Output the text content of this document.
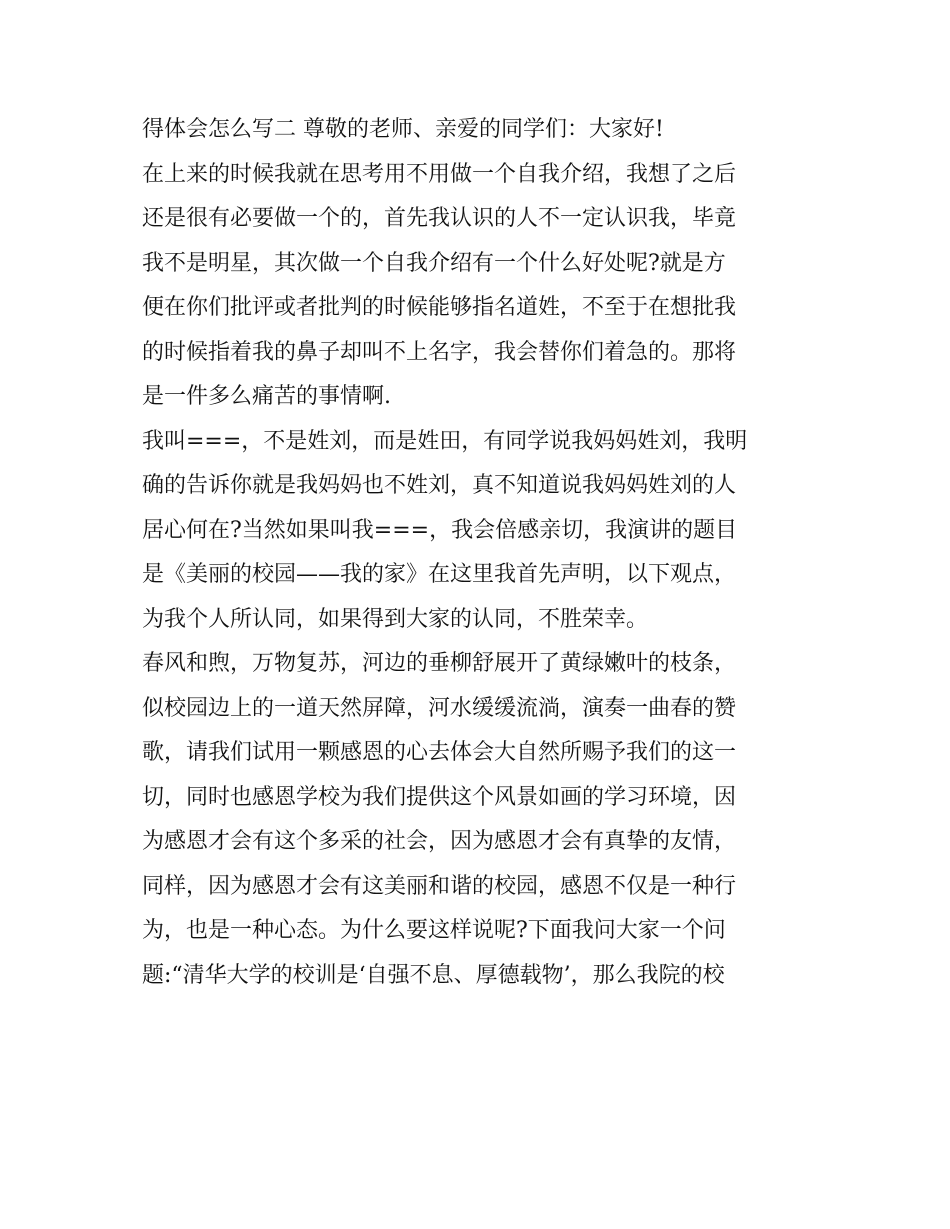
得体会怎么写二 尊敬的老师、亲爱的同学们：大家好!
在上来的时候我就在思考用不用做一个自我介绍，我想了之后
还是很有必要做一个的，首先我认识的人不一定认识我，毕竟
我不是明星，其次做一个自我介绍有一个什么好处呢?就是方
便在你们批评或者批判的时候能够指名道姓，不至于在想批我
的时候指着我的鼻子却叫不上名字，我会替你们着急的。那将
是一件多么痛苦的事情啊.
我叫===，不是姓刘，而是姓田，有同学说我妈妈姓刘，我明
确的告诉你就是我妈妈也不姓刘，真不知道说我妈妈姓刘的人
居心何在?当然如果叫我===，我会倍感亲切，我演讲的题目
是《美丽的校园——我的家》在这里我首先声明，以下观点，
为我个人所认同，如果得到大家的认同，不胜荣幸。
春风和煦，万物复苏，河边的垂柳舒展开了黄绿嫩叶的枝条，
似校园边上的一道天然屏障，河水缓缓流淌，演奏一曲春的赞
歌，请我们试用一颗感恩的心去体会大自然所赐予我们的这一
切，同时也感恩学校为我们提供这个风景如画的学习环境，因
为感恩才会有这个多采的社会，因为感恩才会有真挚的友情，
同样，因为感恩才会有这美丽和谐的校园，感恩不仅是一种行
为，也是一种心态。为什么要这样说呢?下面我问大家一个问
题:“清华大学的校训是‘自强不息、厚德载物’，那么我院的校
